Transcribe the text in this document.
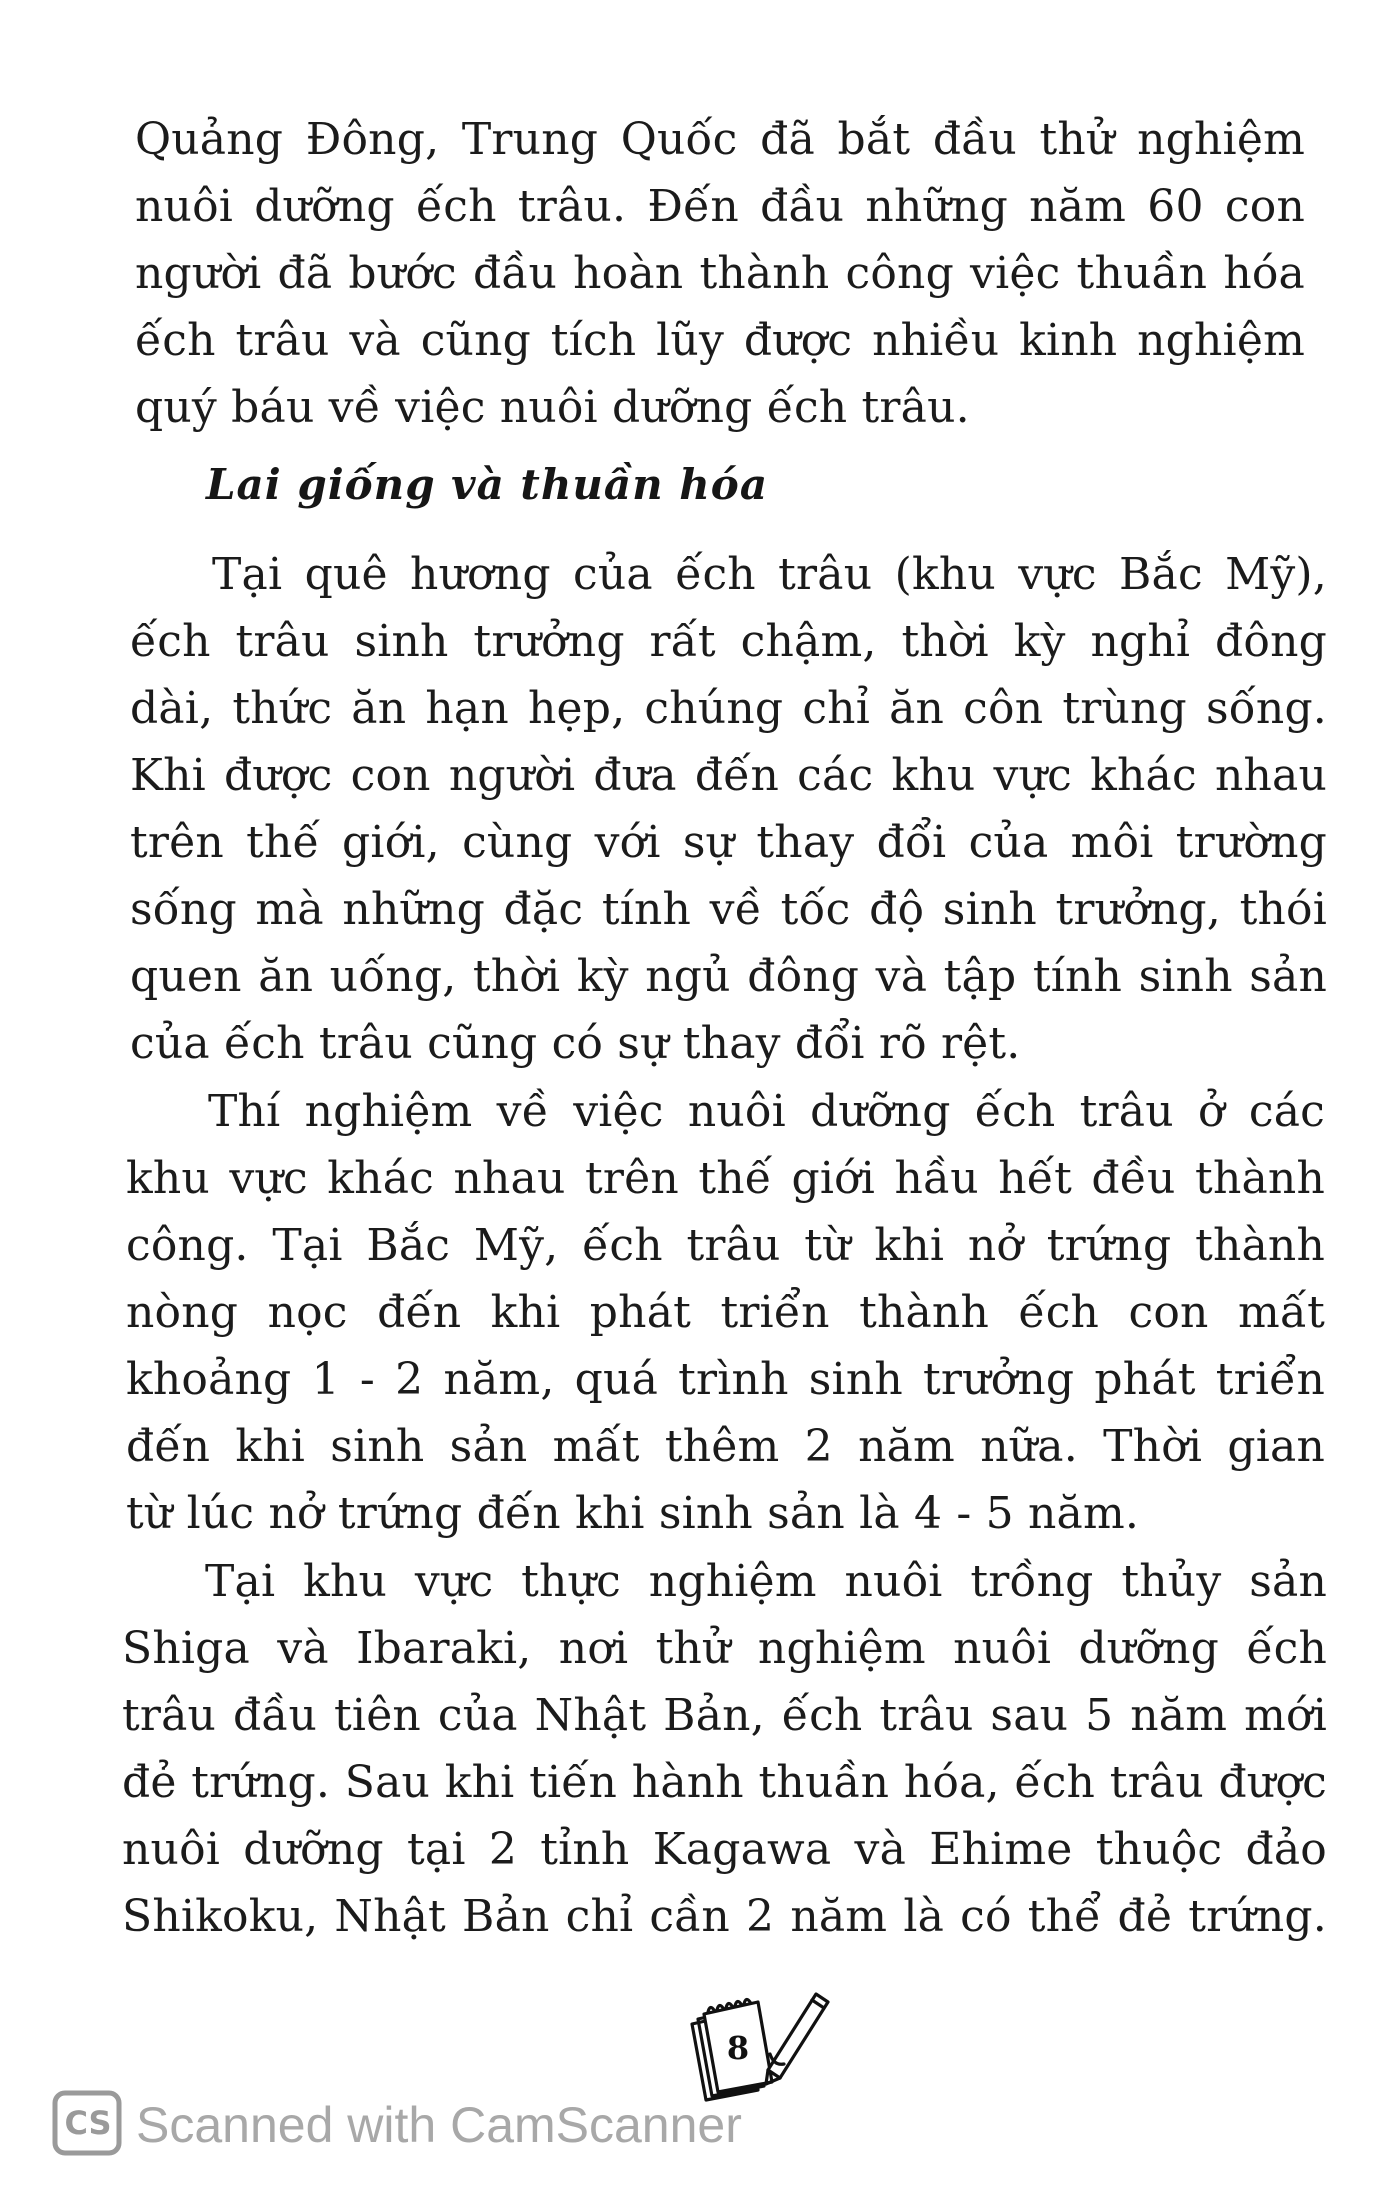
Quảng Đông, Trung Quốc đã bắt đầu thử nghiệm
nuôi dưỡng ếch trâu. Đến đầu những năm 60 con
người đã bước đầu hoàn thành công việc thuần hóa
ếch trâu và cũng tích lũy được nhiều kinh nghiệm
quý báu về việc nuôi dưỡng ếch trâu.
Lai giống và thuần hóa
Tại quê hương của ếch trâu (khu vực Bắc Mỹ),
ếch trâu sinh trưởng rất chậm, thời kỳ nghỉ đông
dài, thức ăn hạn hẹp, chúng chỉ ăn côn trùng sống.
Khi được con người đưa đến các khu vực khác nhau
trên thế giới, cùng với sự thay đổi của môi trường
sống mà những đặc tính về tốc độ sinh trưởng, thói
quen ăn uống, thời kỳ ngủ đông và tập tính sinh sản
của ếch trâu cũng có sự thay đổi rõ rệt.
Thí nghiệm về việc nuôi dưỡng ếch trâu ở các
khu vực khác nhau trên thế giới hầu hết đều thành
công. Tại Bắc Mỹ, ếch trâu từ khi nở trứng thành
nòng nọc đến khi phát triển thành ếch con mất
khoảng 1 - 2 năm, quá trình sinh trưởng phát triển
đến khi sinh sản mất thêm 2 năm nữa. Thời gian
từ lúc nở trứng đến khi sinh sản là 4 - 5 năm.
Tại khu vực thực nghiệm nuôi trồng thủy sản
Shiga và Ibaraki, nơi thử nghiệm nuôi dưỡng ếch
trâu đầu tiên của Nhật Bản, ếch trâu sau 5 năm mới
đẻ trứng. Sau khi tiến hành thuần hóa, ếch trâu được
nuôi dưỡng tại 2 tỉnh Kagawa và Ehime thuộc đảo
Shikoku, Nhật Bản chỉ cần 2 năm là có thể đẻ trứng.
8
CS Scanned with CamScanner
